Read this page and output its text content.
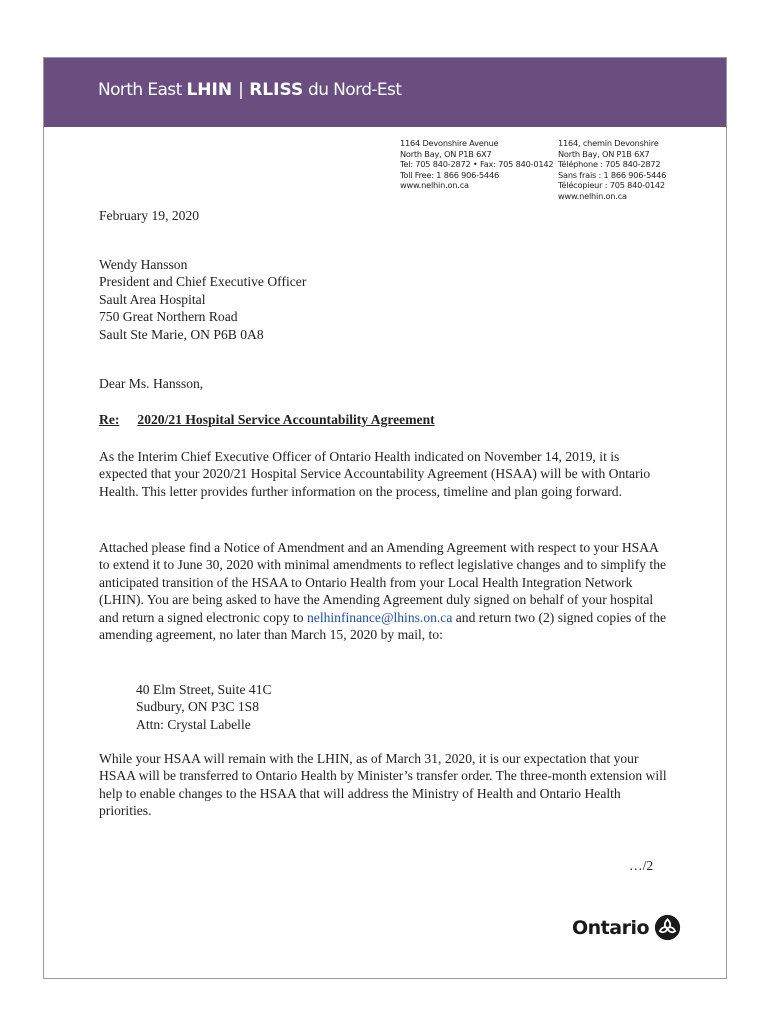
North East LHIN | RLISS du Nord-Est
1164 Devonshire Avenue
North Bay, ON P1B 6X7
Tel: 705 840-2872 • Fax: 705 840-0142
Toll Free: 1 866 906-5446
www.nelhin.on.ca
1164, chemin Devonshire
North Bay, ON P1B 6X7
Téléphone : 705 840-2872
Sans frais : 1 866 906-5446
Télécopieur : 705 840-0142
www.nelhin.on.ca
February 19, 2020
Wendy Hansson
President and Chief Executive Officer
Sault Area Hospital
750 Great Northern Road
Sault Ste Marie, ON P6B 0A8
Dear Ms. Hansson,
Re: 2020/21 Hospital Service Accountability Agreement
As the Interim Chief Executive Officer of Ontario Health indicated on November 14, 2019, it is expected that your 2020/21 Hospital Service Accountability Agreement (HSAA) will be with Ontario Health. This letter provides further information on the process, timeline and plan going forward.
Attached please find a Notice of Amendment and an Amending Agreement with respect to your HSAA to extend it to June 30, 2020 with minimal amendments to reflect legislative changes and to simplify the anticipated transition of the HSAA to Ontario Health from your Local Health Integration Network (LHIN). You are being asked to have the Amending Agreement duly signed on behalf of your hospital and return a signed electronic copy to nelhinfinance@lhins.on.ca and return two (2) signed copies of the amending agreement, no later than March 15, 2020 by mail, to:
40 Elm Street, Suite 41C
Sudbury, ON P3C 1S8
Attn: Crystal Labelle
While your HSAA will remain with the LHIN, as of March 31, 2020, it is our expectation that your HSAA will be transferred to Ontario Health by Minister’s transfer order. The three-month extension will help to enable changes to the HSAA that will address the Ministry of Health and Ontario Health priorities.
…/2
Ontario
